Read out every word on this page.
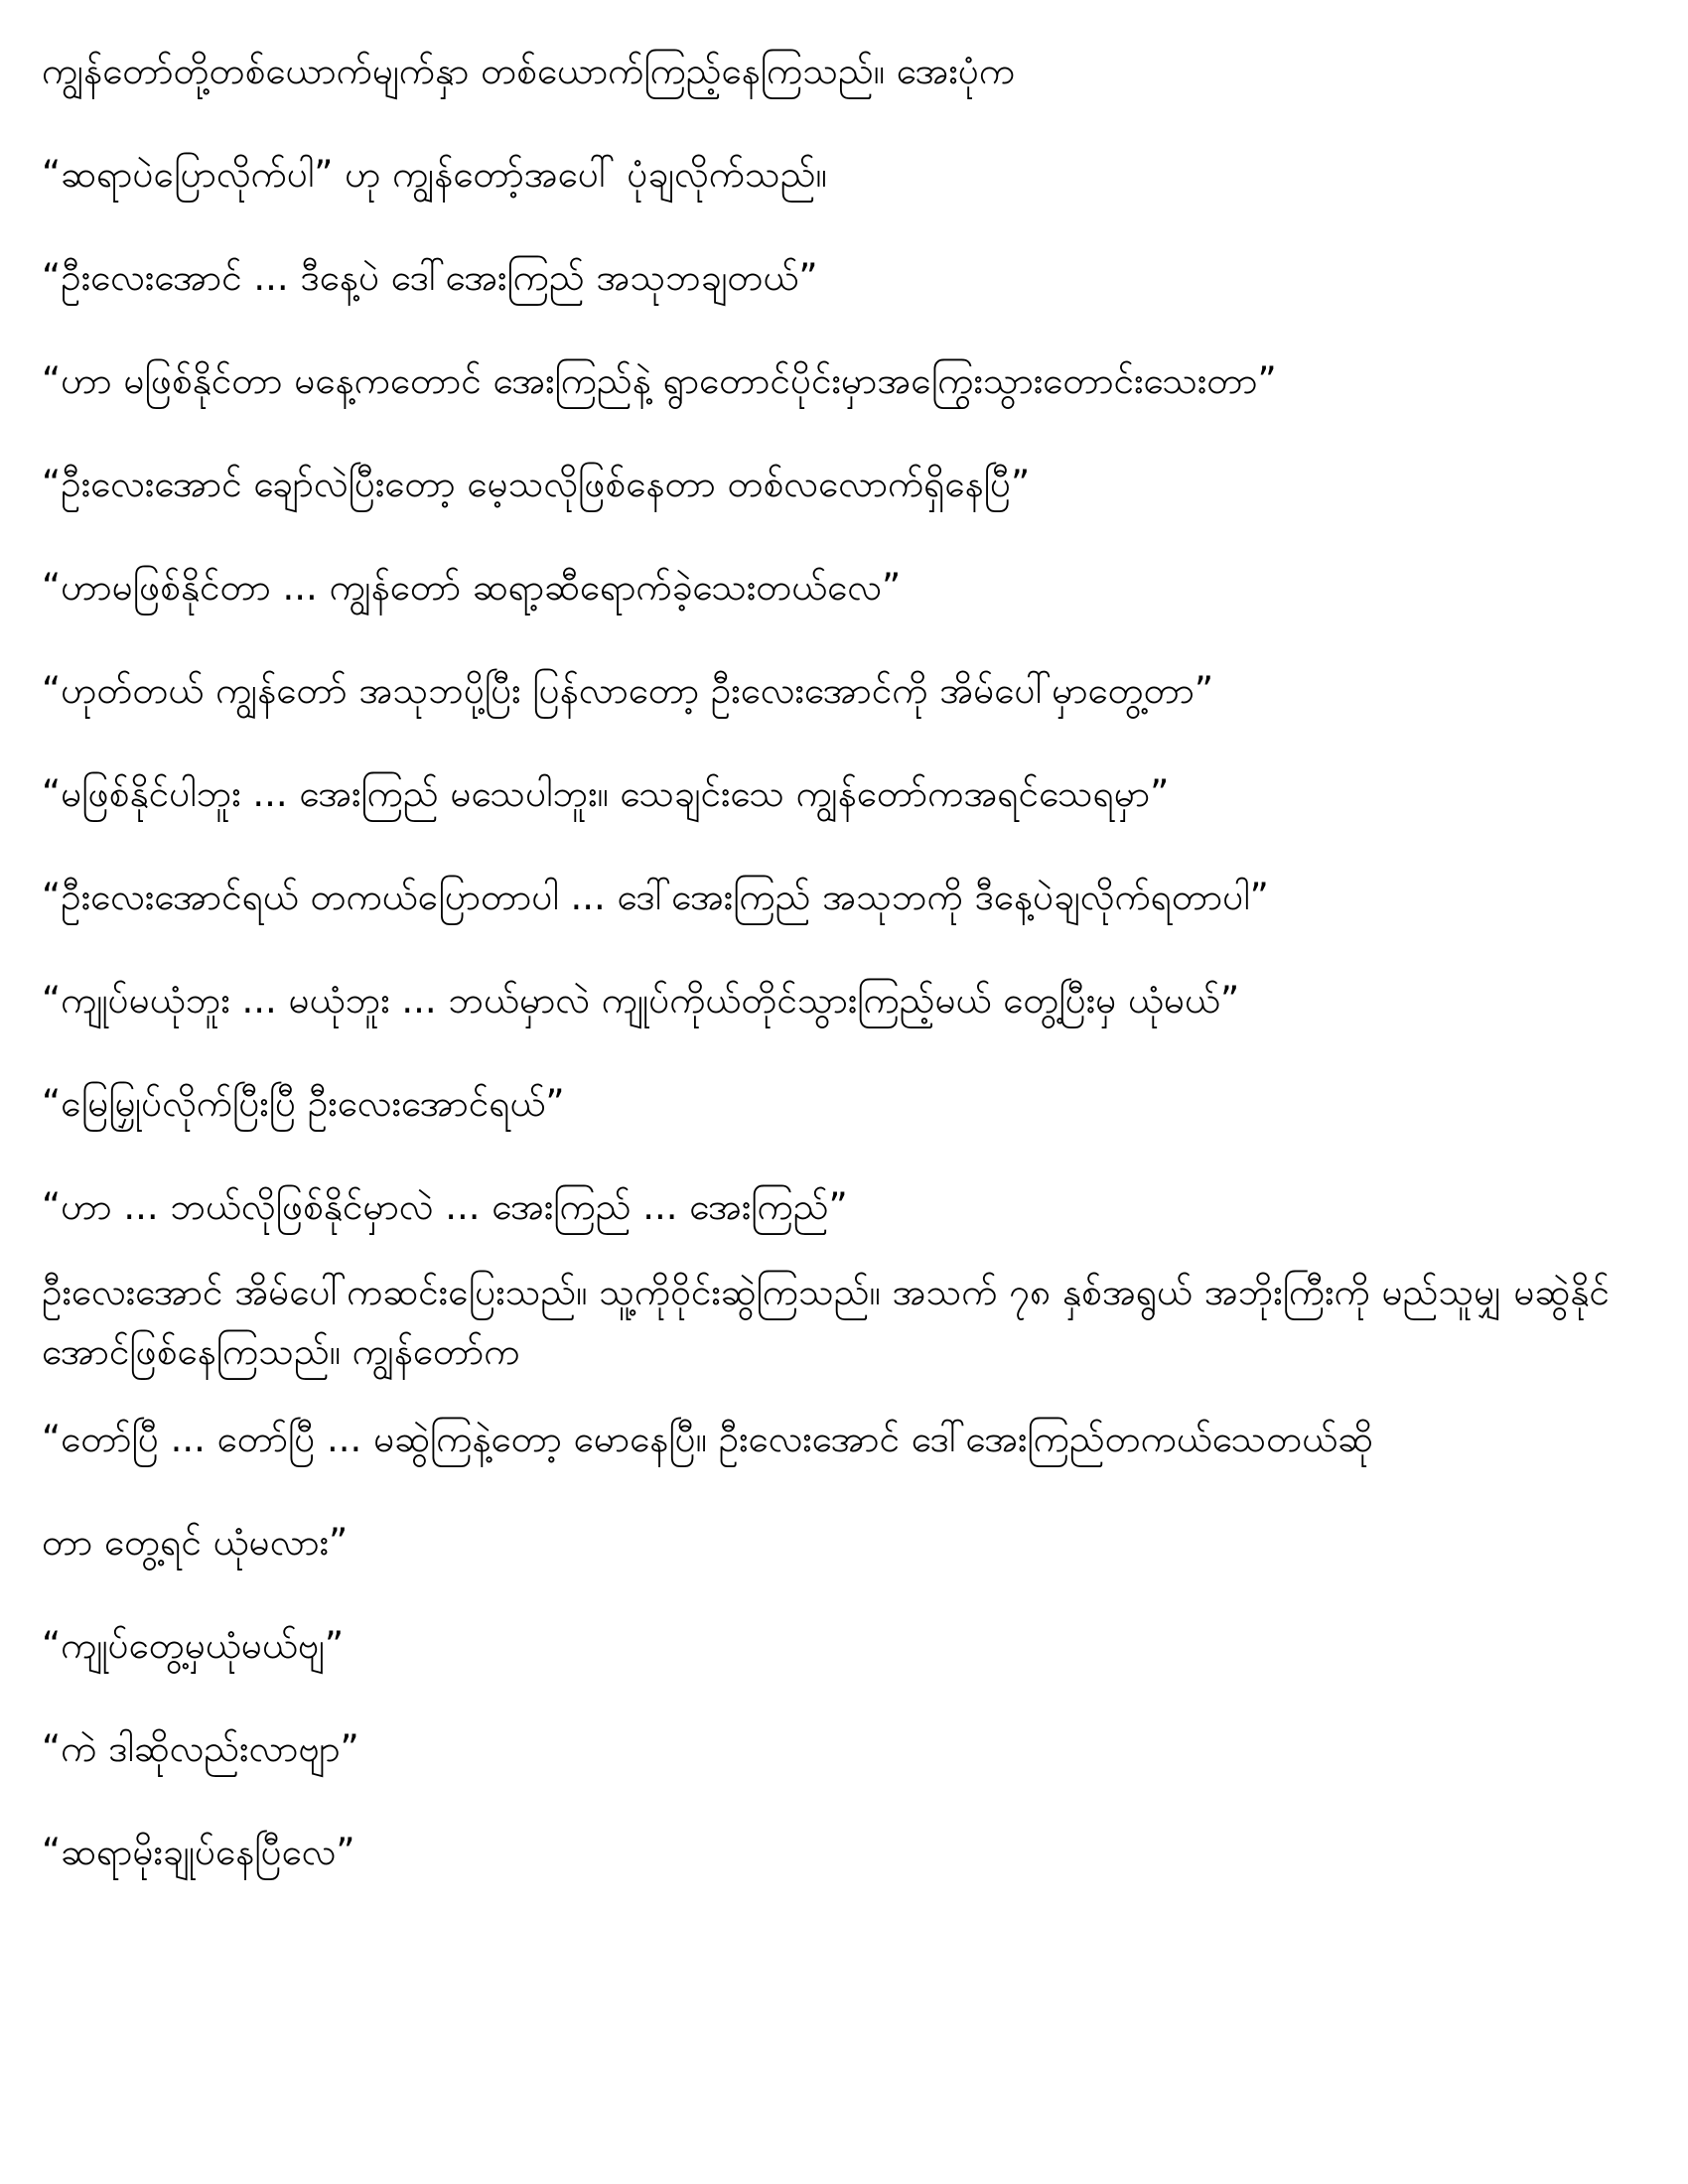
ကျွန်တော်တို့တစ်ယောက်မျက်နှာ တစ်ယောက်ကြည့်နေကြသည်။ အေးပုံက
“ဆရာပဲပြောလိုက်ပါ” ဟု ကျွန်တော့်အပေါ် ပုံချလိုက်သည်။
“ဦးလေးအောင် ... ဒီနေ့ပဲ ဒေါ်အေးကြည် အသုဘချတယ်”
“ဟာ မဖြစ်နိုင်တာ မနေ့ကတောင် အေးကြည်နဲ့ ရွာတောင်ပိုင်းမှာအကြွေးသွားတောင်းသေးတာ”
“ဦးလေးအောင် ချော်လဲပြီးတော့ မေ့သလိုဖြစ်နေတာ တစ်လလောက်ရှိနေပြီ”
“ဟာမဖြစ်နိုင်တာ ... ကျွန်တော် ဆရာ့ဆီရောက်ခဲ့သေးတယ်လေ”
“ဟုတ်တယ် ကျွန်တော် အသုဘပို့ပြီး ပြန်လာတော့ ဦးလေးအောင်ကို အိမ်ပေါ်မှာတွေ့တာ”
“မဖြစ်နိုင်ပါဘူး ... အေးကြည် မသေပါဘူး။ သေချင်းသေ ကျွန်တော်ကအရင်သေရမှာ”
“ဦးလေးအောင်ရယ် တကယ်ပြောတာပါ ... ဒေါ်အေးကြည် အသုဘကို ဒီနေ့ပဲချလိုက်ရတာပါ”
“ကျုပ်မယုံဘူး ... မယုံဘူး ... ဘယ်မှာလဲ ကျုပ်ကိုယ်တိုင်သွားကြည့်မယ် တွေ့ပြီးမှ ယုံမယ်”
“မြေမြှုပ်လိုက်ပြီးပြီ ဦးလေးအောင်ရယ်”
“ဟာ ... ဘယ်လိုဖြစ်နိုင်မှာလဲ ... အေးကြည် ... အေးကြည်”
ဦးလေးအောင် အိမ်ပေါ်ကဆင်းပြေးသည်။ သူ့ကိုဝိုင်းဆွဲကြသည်။ အသက် ၇၈ နှစ်အရွယ် အဘိုးကြီးကို မည်သူမျှ မဆွဲနိုင်အောင်ဖြစ်နေကြသည်။ ကျွန်တော်က
“တော်ပြီ ... တော်ပြီ ... မဆွဲကြနဲ့တော့ မောနေပြီ။ ဦးလေးအောင် ဒေါ်အေးကြည်တကယ်သေတယ်ဆို
တာ တွေ့ရင် ယုံမလား”
“ကျုပ်တွေ့မှယုံမယ်ဗျ”
“ကဲ ဒါဆိုလည်းလာဗျာ”
“ဆရာမိုးချုပ်နေပြီလေ”
